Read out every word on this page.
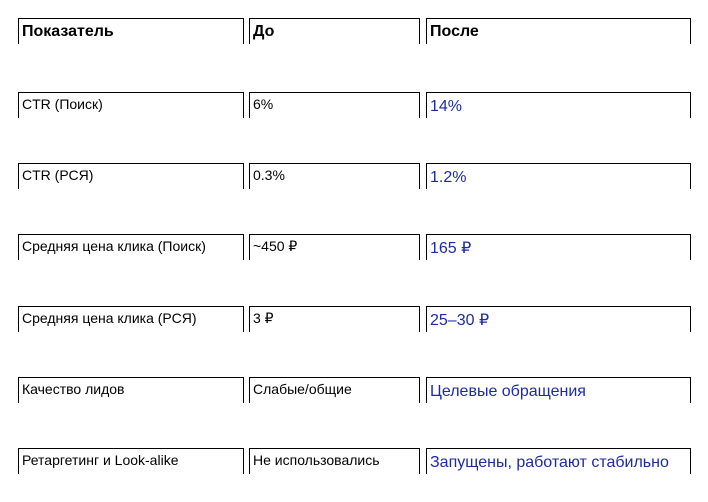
Показатель	До	После
CTR (Поиск)	6%	14%
CTR (РСЯ)	0.3%	1.2%
Средняя цена клика (Поиск)	~450 ₽	165 ₽
Средняя цена клика (РСЯ)	3 ₽	25–30 ₽
Качество лидов	Слабые/общие	Целевые обращения
Ретаргетинг и Look-alike	Не использовались	Запущены, работают стабильно
